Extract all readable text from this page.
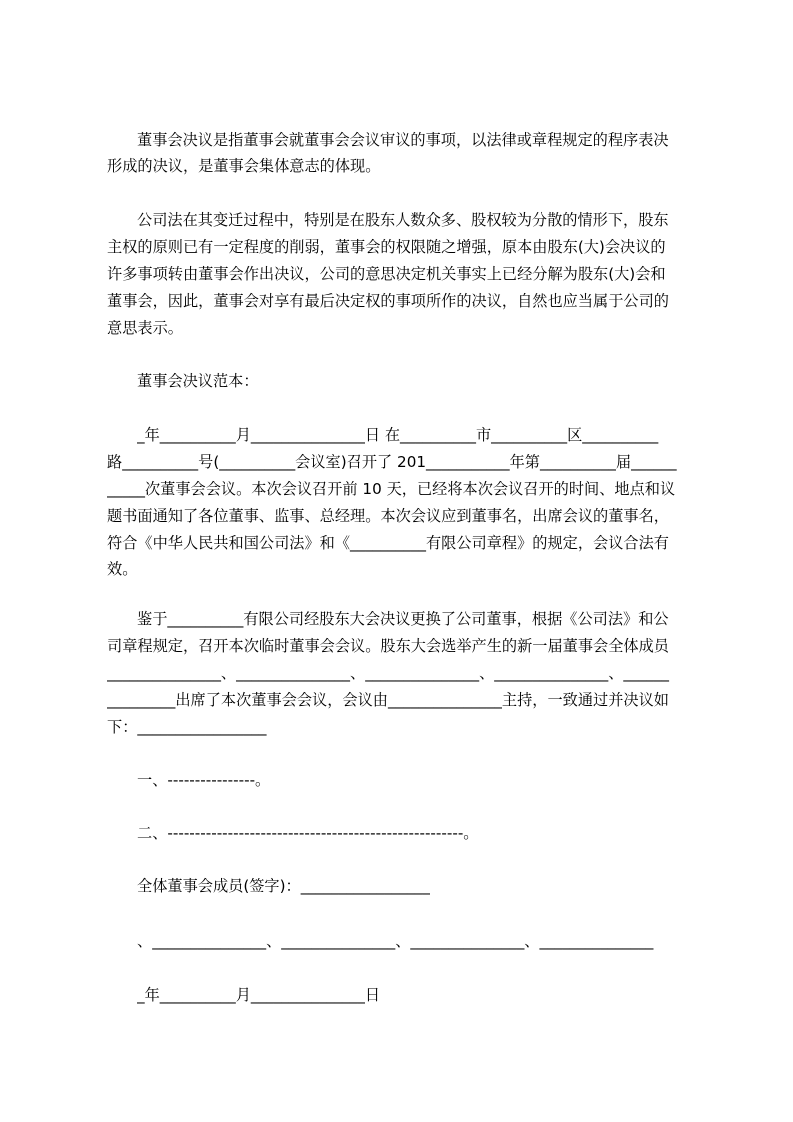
董事会决议是指董事会就董事会会议审议的事项，以法律或章程规定的程序表决
形成的决议，是董事会集体意志的体现。
公司法在其变迁过程中，特别是在股东人数众多、股权较为分散的情形下，股东
主权的原则已有一定程度的削弱，董事会的权限随之增强，原本由股东(大)会决议的
许多事项转由董事会作出决议，公司的意思决定机关事实上已经分解为股东(大)会和
董事会，因此，董事会对享有最后决定权的事项所作的决议，自然也应当属于公司的
意思表示。
董事会决议范本：
_年__________月_______________日 在__________市__________区__________
路__________号(__________会议室)召开了 201___________年第__________届______
_____次董事会会议。本次会议召开前 10 天，已经将本次会议召开的时间、地点和议
题书面通知了各位董事、监事、总经理。本次会议应到董事名，出席会议的董事名，
符合《中华人民共和国公司法》和《__________有限公司章程》的规定，会议合法有
效。
鉴于__________有限公司经股东大会决议更换了公司董事，根据《公司法》和公
司章程规定，召开本次临时董事会会议。股东大会选举产生的新一届董事会全体成员
_______________、_______________、_______________、_______________、______
_________出席了本次董事会会议，会议由_______________主持，一致通过并决议如
下：_________________
一、----------------。
二、------------------------------------------------------。
全体董事会成员(签字)：_________________
、_______________、_______________、_______________、_______________
_年__________月_______________日
